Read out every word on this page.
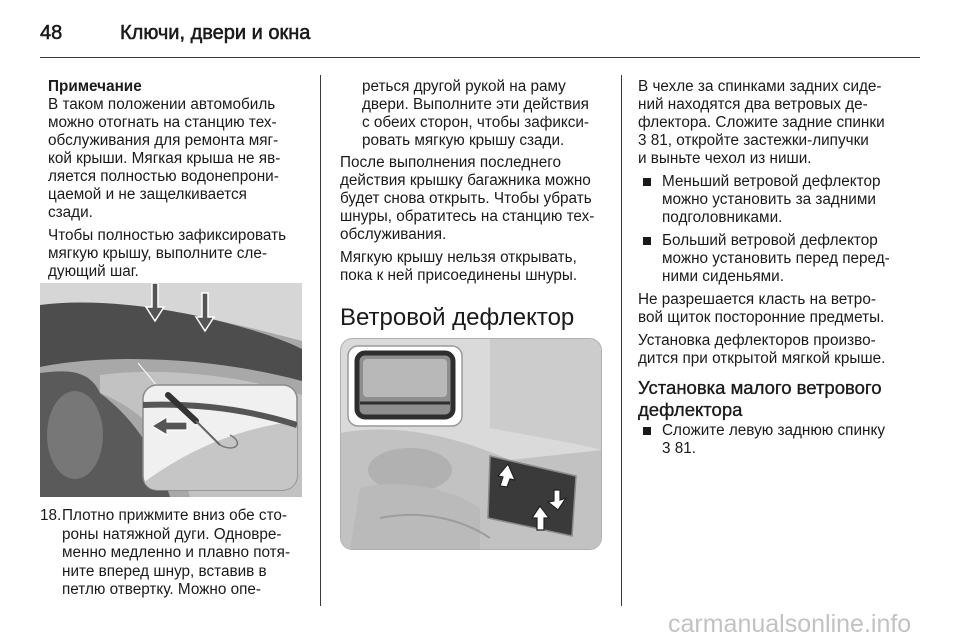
48	Ключи, двери и окна
Примечание
В таком положении автомобиль
можно отогнать на станцию тех-
обслуживания для ремонта мяг-
кой крыши. Мягкая крыша не яв-
ляется полностью водонепрони-
цаемой и не защелкивается
сзади.
Чтобы полностью зафиксировать
мягкую крышу, выполните сле-
дующий шаг.
18. Плотно прижмите вниз обе сто-
роны натяжной дуги. Одновре-
менно медленно и плавно потя-
ните вперед шнур, вставив в
петлю отвертку. Можно опе-
реться другой рукой на раму
двери. Выполните эти действия
с обеих сторон, чтобы зафикси-
ровать мягкую крышу сзади.
После выполнения последнего
действия крышку багажника можно
будет снова открыть. Чтобы убрать
шнуры, обратитесь на станцию тех-
обслуживания.
Мягкую крышу нельзя открывать,
пока к ней присоединены шнуры.
Ветровой дефлектор
В чехле за спинками задних сиде-
ний находятся два ветровых де-
флектора. Сложите задние спинки
3 81, откройте застежки-липучки
и выньте чехол из ниши.
Меньший ветровой дефлектор
можно установить за задними
подголовниками.
Больший ветровой дефлектор
можно установить перед перед-
ними сиденьями.
Не разрешается класть на ветро-
вой щиток посторонние предметы.
Установка дефлекторов произво-
дится при открытой мягкой крыше.
Установка малого ветрового
дефлектора
Сложите левую заднюю спинку
3 81.
carmanualsonline.info
